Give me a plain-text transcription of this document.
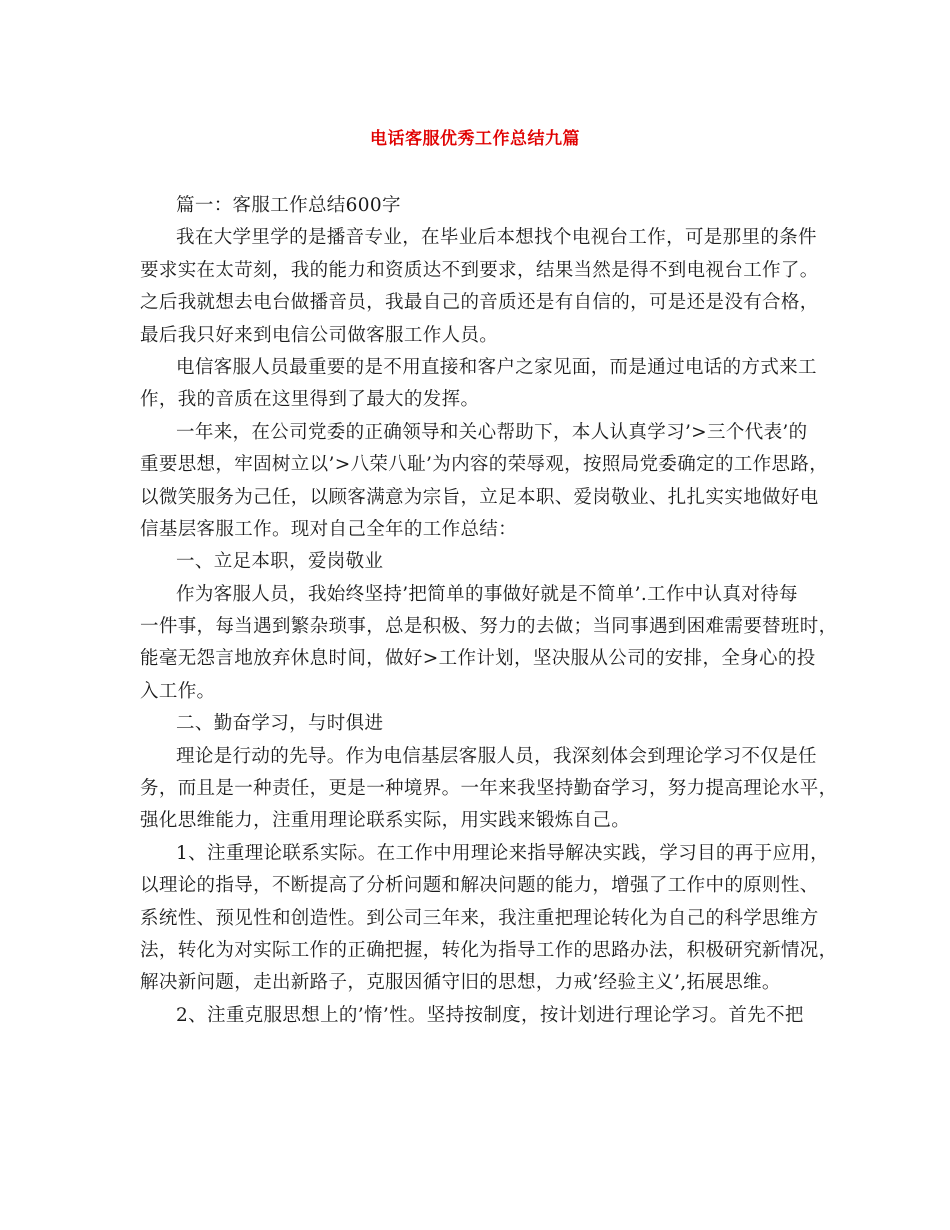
电话客服优秀工作总结九篇
篇一：客服工作总结600字
我在大学里学的是播音专业，在毕业后本想找个电视台工作，可是那里的条件
要求实在太苛刻，我的能力和资质达不到要求，结果当然是得不到电视台工作了。
之后我就想去电台做播音员，我最自己的音质还是有自信的，可是还是没有合格，
最后我只好来到电信公司做客服工作人员。
电信客服人员最重要的是不用直接和客户之家见面，而是通过电话的方式来工
作，我的音质在这里得到了最大的发挥。
一年来，在公司党委的正确领导和关心帮助下，本人认真学习’>三个代表’的
重要思想，牢固树立以’>八荣八耻’为内容的荣辱观，按照局党委确定的工作思路，
以微笑服务为己任，以顾客满意为宗旨，立足本职、爱岗敬业、扎扎实实地做好电
信基层客服工作。现对自己全年的工作总结：
一、立足本职，爱岗敬业
作为客服人员，我始终坚持’把简单的事做好就是不简单’.工作中认真对待每
一件事，每当遇到繁杂琐事，总是积极、努力的去做；当同事遇到困难需要替班时，
能毫无怨言地放弃休息时间，做好>工作计划，坚决服从公司的安排，全身心的投
入工作。
二、勤奋学习，与时俱进
理论是行动的先导。作为电信基层客服人员，我深刻体会到理论学习不仅是任
务，而且是一种责任，更是一种境界。一年来我坚持勤奋学习，努力提高理论水平，
强化思维能力，注重用理论联系实际，用实践来锻炼自己。
1、注重理论联系实际。在工作中用理论来指导解决实践，学习目的再于应用，
以理论的指导，不断提高了分析问题和解决问题的能力，增强了工作中的原则性、
系统性、预见性和创造性。到公司三年来，我注重把理论转化为自己的科学思维方
法，转化为对实际工作的正确把握，转化为指导工作的思路办法，积极研究新情况，
解决新问题，走出新路子，克服因循守旧的思想，力戒’经验主义’,拓展思维。
2、注重克服思想上的’惰’性。坚持按制度，按计划进行理论学习。首先不把
